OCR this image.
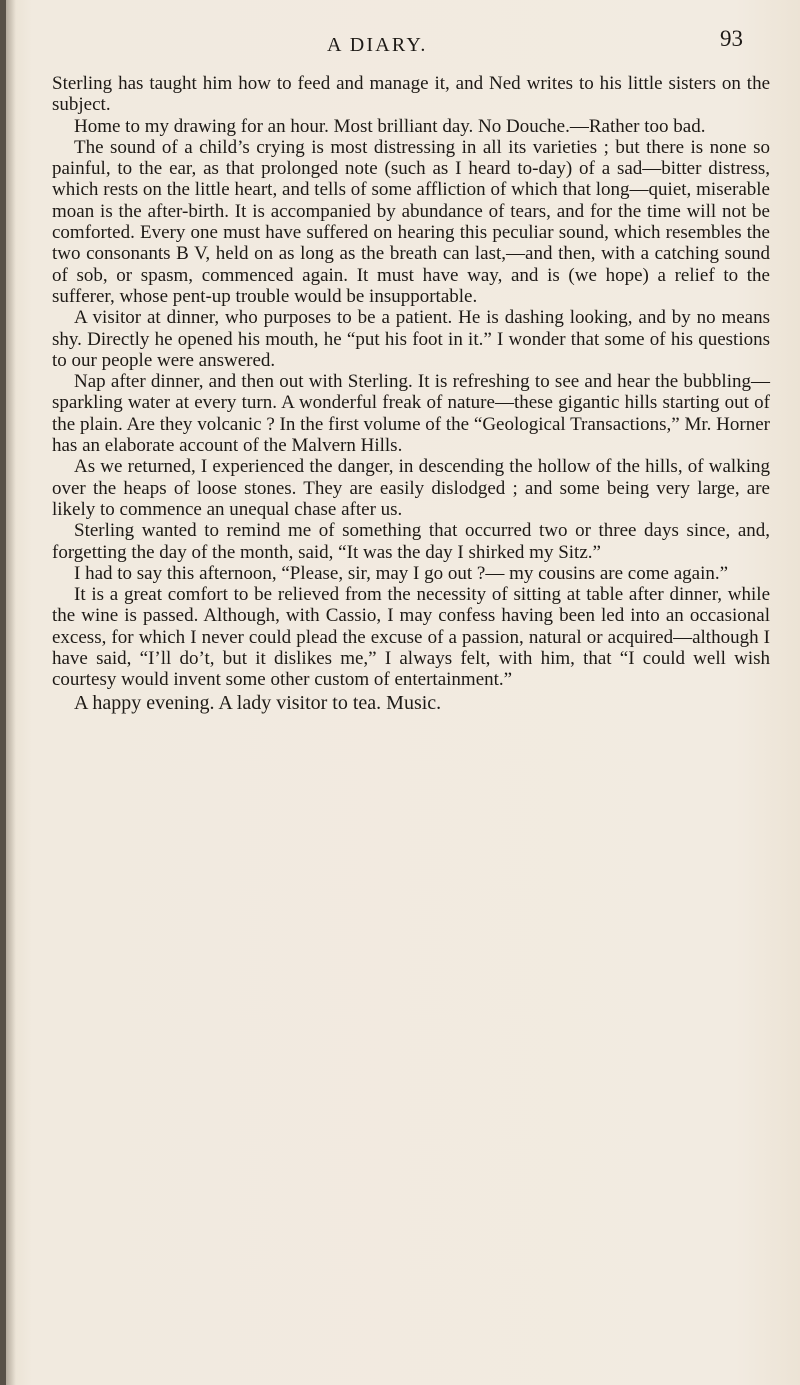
A DIARY.	93

Sterling has taught him how to feed and manage it, and Ned writes to his little sisters on the subject.

Home to my drawing for an hour. Most brilliant day. No Douche.—Rather too bad.

The sound of a child’s crying is most distressing in all its varieties ; but there is none so painful, to the ear, as that prolonged note (such as I heard to-day) of a sad—bitter distress, which rests on the little heart, and tells of some affliction of which that long—quiet, miserable moan is the after-birth. It is accompanied by abundance of tears, and for the time will not be comforted. Every one must have suffered on hearing this peculiar sound, which resembles the two consonants B V, held on as long as the breath can last,—and then, with a catching sound of sob, or spasm, commenced again. It must have way, and is (we hope) a relief to the sufferer, whose pent-up trouble would be insupportable.

A visitor at dinner, who purposes to be a patient. He is dashing looking, and by no means shy. Directly he opened his mouth, he “put his foot in it.” I wonder that some of his questions to our people were answered.

Nap after dinner, and then out with Sterling. It is refreshing to see and hear the bubbling—sparkling water at every turn. A wonderful freak of nature—these gigantic hills starting out of the plain. Are they volcanic ? In the first volume of the “Geological Transactions,” Mr. Horner has an elaborate account of the Malvern Hills.

As we returned, I experienced the danger, in descending the hollow of the hills, of walking over the heaps of loose stones. They are easily dislodged ; and some being very large, are likely to commence an unequal chase after us.

Sterling wanted to remind me of something that occurred two or three days since, and, forgetting the day of the month, said, “It was the day I shirked my Sitz.”

I had to say this afternoon, “Please, sir, may I go out ?— my cousins are come again.”

It is a great comfort to be relieved from the necessity of sitting at table after dinner, while the wine is passed. Although, with Cassio, I may confess having been led into an occasional excess, for which I never could plead the excuse of a passion, natural or acquired—although I have said, “I’ll do’t, but it dislikes me,” I always felt, with him, that “I could well wish courtesy would invent some other custom of entertainment.”

A happy evening. A lady visitor to tea. Music.
